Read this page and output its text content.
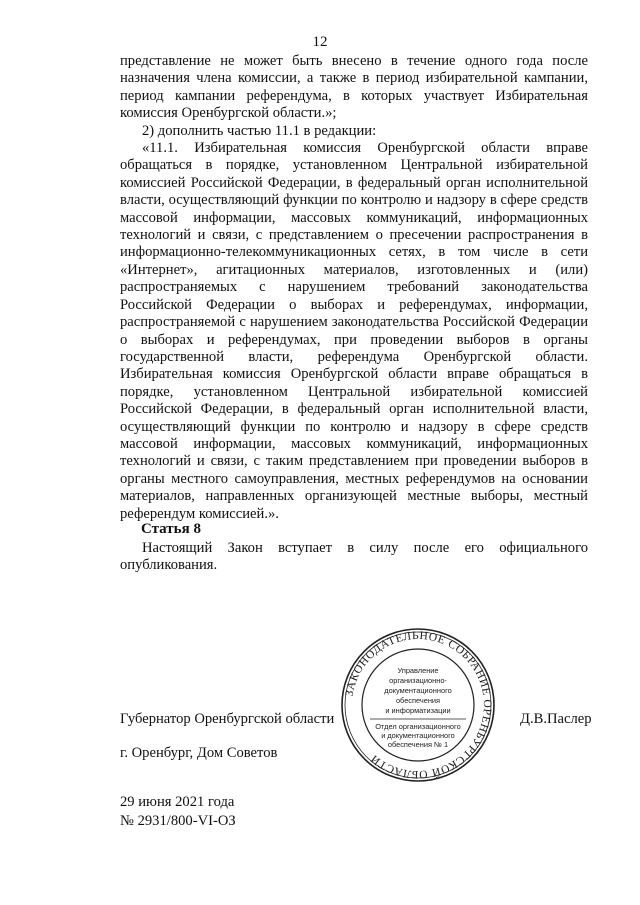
12

представление не может быть внесено в течение одного года после назначения члена комиссии, а также в период избирательной кампании, период кампании референдума, в которых участвует Избирательная комиссия Оренбургской области.»;

2) дополнить частью 11.1 в редакции:

«11.1. Избирательная комиссия Оренбургской области вправе обращаться в порядке, установленном Центральной избирательной комиссией Российской Федерации, в федеральный орган исполнительной власти, осуществляющий функции по контролю и надзору в сфере средств массовой информации, массовых коммуникаций, информационных технологий и связи, с представлением о пресечении распространения в информационно-телекоммуникационных сетях, в том числе в сети «Интернет», агитационных материалов, изготовленных и (или) распространяемых с нарушением требований законодательства Российской Федерации о выборах и референдумах, информации, распространяемой с нарушением законодательства Российской Федерации о выборах и референдумах, при проведении выборов в органы государственной власти, референдума Оренбургской области. Избирательная комиссия Оренбургской области вправе обращаться в порядке, установленном Центральной избирательной комиссией Российской Федерации, в федеральный орган исполнительной власти, осуществляющий функции по контролю и надзору в сфере средств массовой информации, массовых коммуникаций, информационных технологий и связи, с таким представлением при проведении выборов в органы местного самоуправления, местных референдумов на основании материалов, направленных организующей местные выборы, местный референдум комиссией.».

Статья 8

Настоящий Закон вступает в силу после его официального опубликования.

Губернатор Оренбургской области	Д.В.Паслер
г. Оренбург, Дом Советов
29 июня 2021 года
№ 2931/800-VI-ОЗ
ЗАКОНОДАТЕЛЬНОЕ СОБРАНИЕ ОРЕНБУРГСКОЙ ОБЛАСТИ
Управление
организационно-
документационного
обеспечения
и информатизации
Отдел организационного
и документационного
обеспечения № 1
